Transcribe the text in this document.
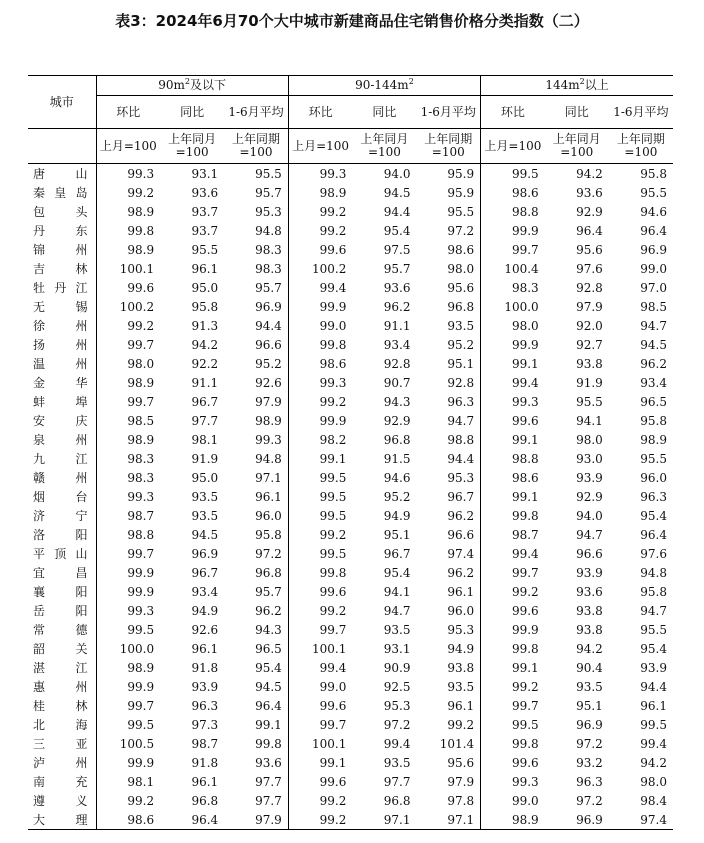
表3：2024年6月70个大中城市新建商品住宅销售价格分类指数（二）
城市	$90m^2$及以下			$90-144m^2$			$144m^2$以上		
	环比	同比	1-6月平均	环比	同比	1-6月平均	环比	同比	1-6月平均
	上月=100	上年同月=100	上年同期=100	上月=100	上年同月=100	上年同期=100	上月=100	上年同月=100	上年同期=100
唐山	99.3	93.1	95.5	99.3	94.0	95.9	99.5	94.2	95.8
秦皇岛	99.2	93.6	95.7	98.9	94.5	95.9	98.6	93.6	95.5
包头	98.9	93.7	95.3	99.2	94.4	95.5	98.8	92.9	94.6
丹东	99.8	93.7	94.8	99.2	95.4	97.2	99.9	96.4	96.4
锦州	98.9	95.5	98.3	99.6	97.5	98.6	99.7	95.6	96.9
吉林	100.1	96.1	98.3	100.2	95.7	98.0	100.4	97.6	99.0
牡丹江	99.6	95.0	95.7	99.4	93.6	95.6	98.3	92.8	97.0
无锡	100.2	95.8	96.9	99.9	96.2	96.8	100.0	97.9	98.5
徐州	99.2	91.3	94.4	99.0	91.1	93.5	98.0	92.0	94.7
扬州	99.7	94.2	96.6	99.8	93.4	95.2	99.9	92.7	94.5
温州	98.0	92.2	95.2	98.6	92.8	95.1	99.1	93.8	96.2
金华	98.9	91.1	92.6	99.3	90.7	92.8	99.4	91.9	93.4
蚌埠	99.7	96.7	97.9	99.2	94.3	96.3	99.3	95.5	96.5
安庆	98.5	97.7	98.9	99.9	92.9	94.7	99.6	94.1	95.8
泉州	98.9	98.1	99.3	98.2	96.8	98.8	99.1	98.0	98.9
九江	98.3	91.9	94.8	99.1	91.5	94.4	98.8	93.0	95.5
赣州	98.3	95.0	97.1	99.5	94.6	95.3	98.6	93.9	96.0
烟台	99.3	93.5	96.1	99.5	95.2	96.7	99.1	92.9	96.3
济宁	98.7	93.5	96.0	99.5	94.9	96.2	99.8	94.0	95.4
洛阳	98.8	94.5	95.8	99.2	95.1	96.6	98.7	94.7	96.4
平顶山	99.7	96.9	97.2	99.5	96.7	97.4	99.4	96.6	97.6
宜昌	99.9	96.7	96.8	99.8	95.4	96.2	99.7	93.9	94.8
襄阳	99.9	93.4	95.7	99.6	94.1	96.1	99.2	93.6	95.8
岳阳	99.3	94.9	96.2	99.2	94.7	96.0	99.6	93.8	94.7
常德	99.5	92.6	94.3	99.7	93.5	95.3	99.9	93.8	95.5
韶关	100.0	96.1	96.5	100.1	93.1	94.9	99.8	94.2	95.4
湛江	98.9	91.8	95.4	99.4	90.9	93.8	99.1	90.4	93.9
惠州	99.9	93.9	94.5	99.0	92.5	93.5	99.2	93.5	94.4
桂林	99.7	96.3	96.4	99.6	95.3	96.1	99.7	95.1	96.1
北海	99.5	97.3	99.1	99.7	97.2	99.2	99.5	96.9	99.5
三亚	100.5	98.7	99.8	100.1	99.4	101.4	99.8	97.2	99.4
泸州	99.9	91.8	93.6	99.1	93.5	95.6	99.6	93.2	94.2
南充	98.1	96.1	97.7	99.6	97.7	97.9	99.3	96.3	98.0
遵义	99.2	96.8	97.7	99.2	96.8	97.8	99.0	97.2	98.4
大理	98.6	96.4	97.9	99.2	97.1	97.1	98.9	96.9	97.4
